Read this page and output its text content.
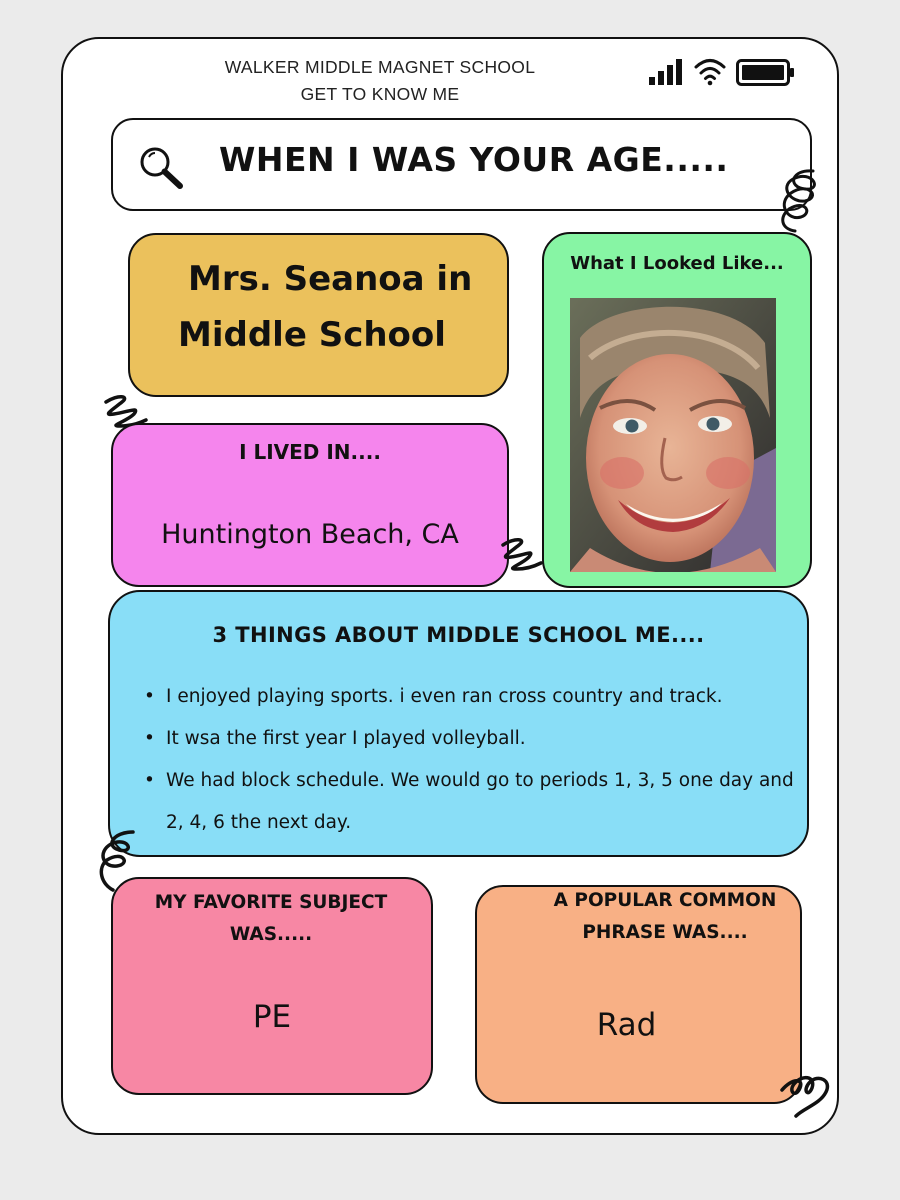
WALKER MIDDLE MAGNET SCHOOL
GET TO KNOW ME
WHEN I WAS YOUR AGE.....
Mrs. Seanoa in
Middle School
What I Looked Like...
I LIVED IN....
Huntington Beach, CA
3 THINGS ABOUT MIDDLE SCHOOL ME....
• I enjoyed playing sports. i even ran cross country and track.
• It wsa the first year I played volleyball.
• We had block schedule. We would go to periods 1, 3, 5 one day and 2, 4, 6 the next day.
MY FAVORITE SUBJECT
WAS.....
PE
A POPULAR COMMON
PHRASE WAS....
Rad
